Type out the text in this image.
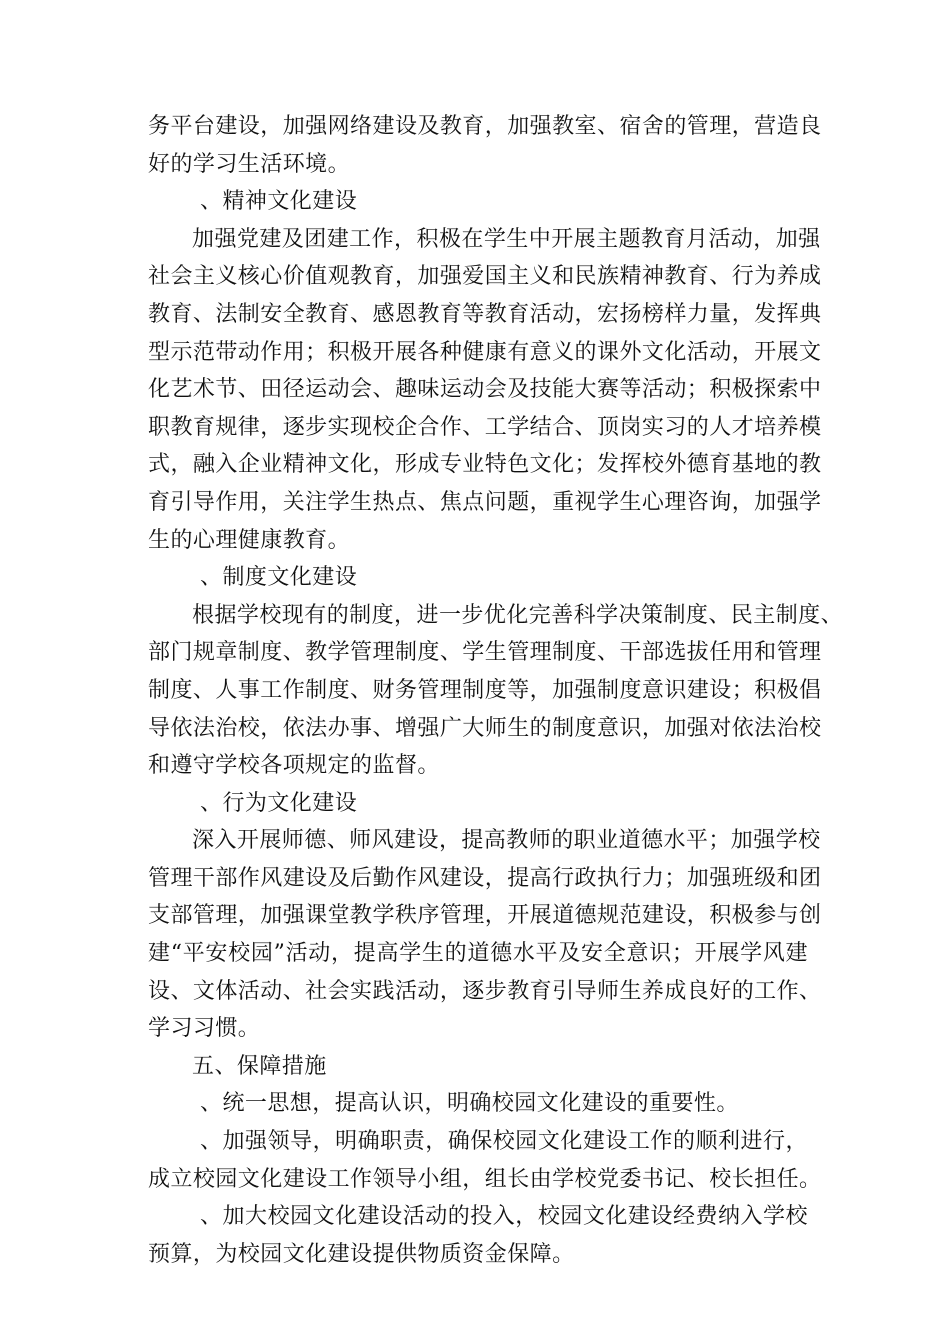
务平台建设，加强网络建设及教育，加强教室、宿舍的管理，营造良
好的学习生活环境。
、精神文化建设
加强党建及团建工作，积极在学生中开展主题教育月活动，加强
社会主义核心价值观教育，加强爱国主义和民族精神教育、行为养成
教育、法制安全教育、感恩教育等教育活动，宏扬榜样力量，发挥典
型示范带动作用；积极开展各种健康有意义的课外文化活动，开展文
化艺术节、田径运动会、趣味运动会及技能大赛等活动；积极探索中
职教育规律，逐步实现校企合作、工学结合、顶岗实习的人才培养模
式，融入企业精神文化，形成专业特色文化；发挥校外德育基地的教
育引导作用，关注学生热点、焦点问题，重视学生心理咨询，加强学
生的心理健康教育。
、制度文化建设
根据学校现有的制度，进一步优化完善科学决策制度、民主制度、
部门规章制度、教学管理制度、学生管理制度、干部选拔任用和管理
制度、人事工作制度、财务管理制度等，加强制度意识建设；积极倡
导依法治校，依法办事、增强广大师生的制度意识，加强对依法治校
和遵守学校各项规定的监督。
、行为文化建设
深入开展师德、师风建设，提高教师的职业道德水平；加强学校
管理干部作风建设及后勤作风建设，提高行政执行力；加强班级和团
支部管理，加强课堂教学秩序管理，开展道德规范建设，积极参与创
建“平安校园”活动，提高学生的道德水平及安全意识；开展学风建
设、文体活动、社会实践活动，逐步教育引导师生养成良好的工作、
学习习惯。
五、保障措施
、统一思想，提高认识，明确校园文化建设的重要性。
、加强领导，明确职责，确保校园文化建设工作的顺利进行，
成立校园文化建设工作领导小组，组长由学校党委书记、校长担任。
、加大校园文化建设活动的投入，校园文化建设经费纳入学校
预算，为校园文化建设提供物质资金保障。
